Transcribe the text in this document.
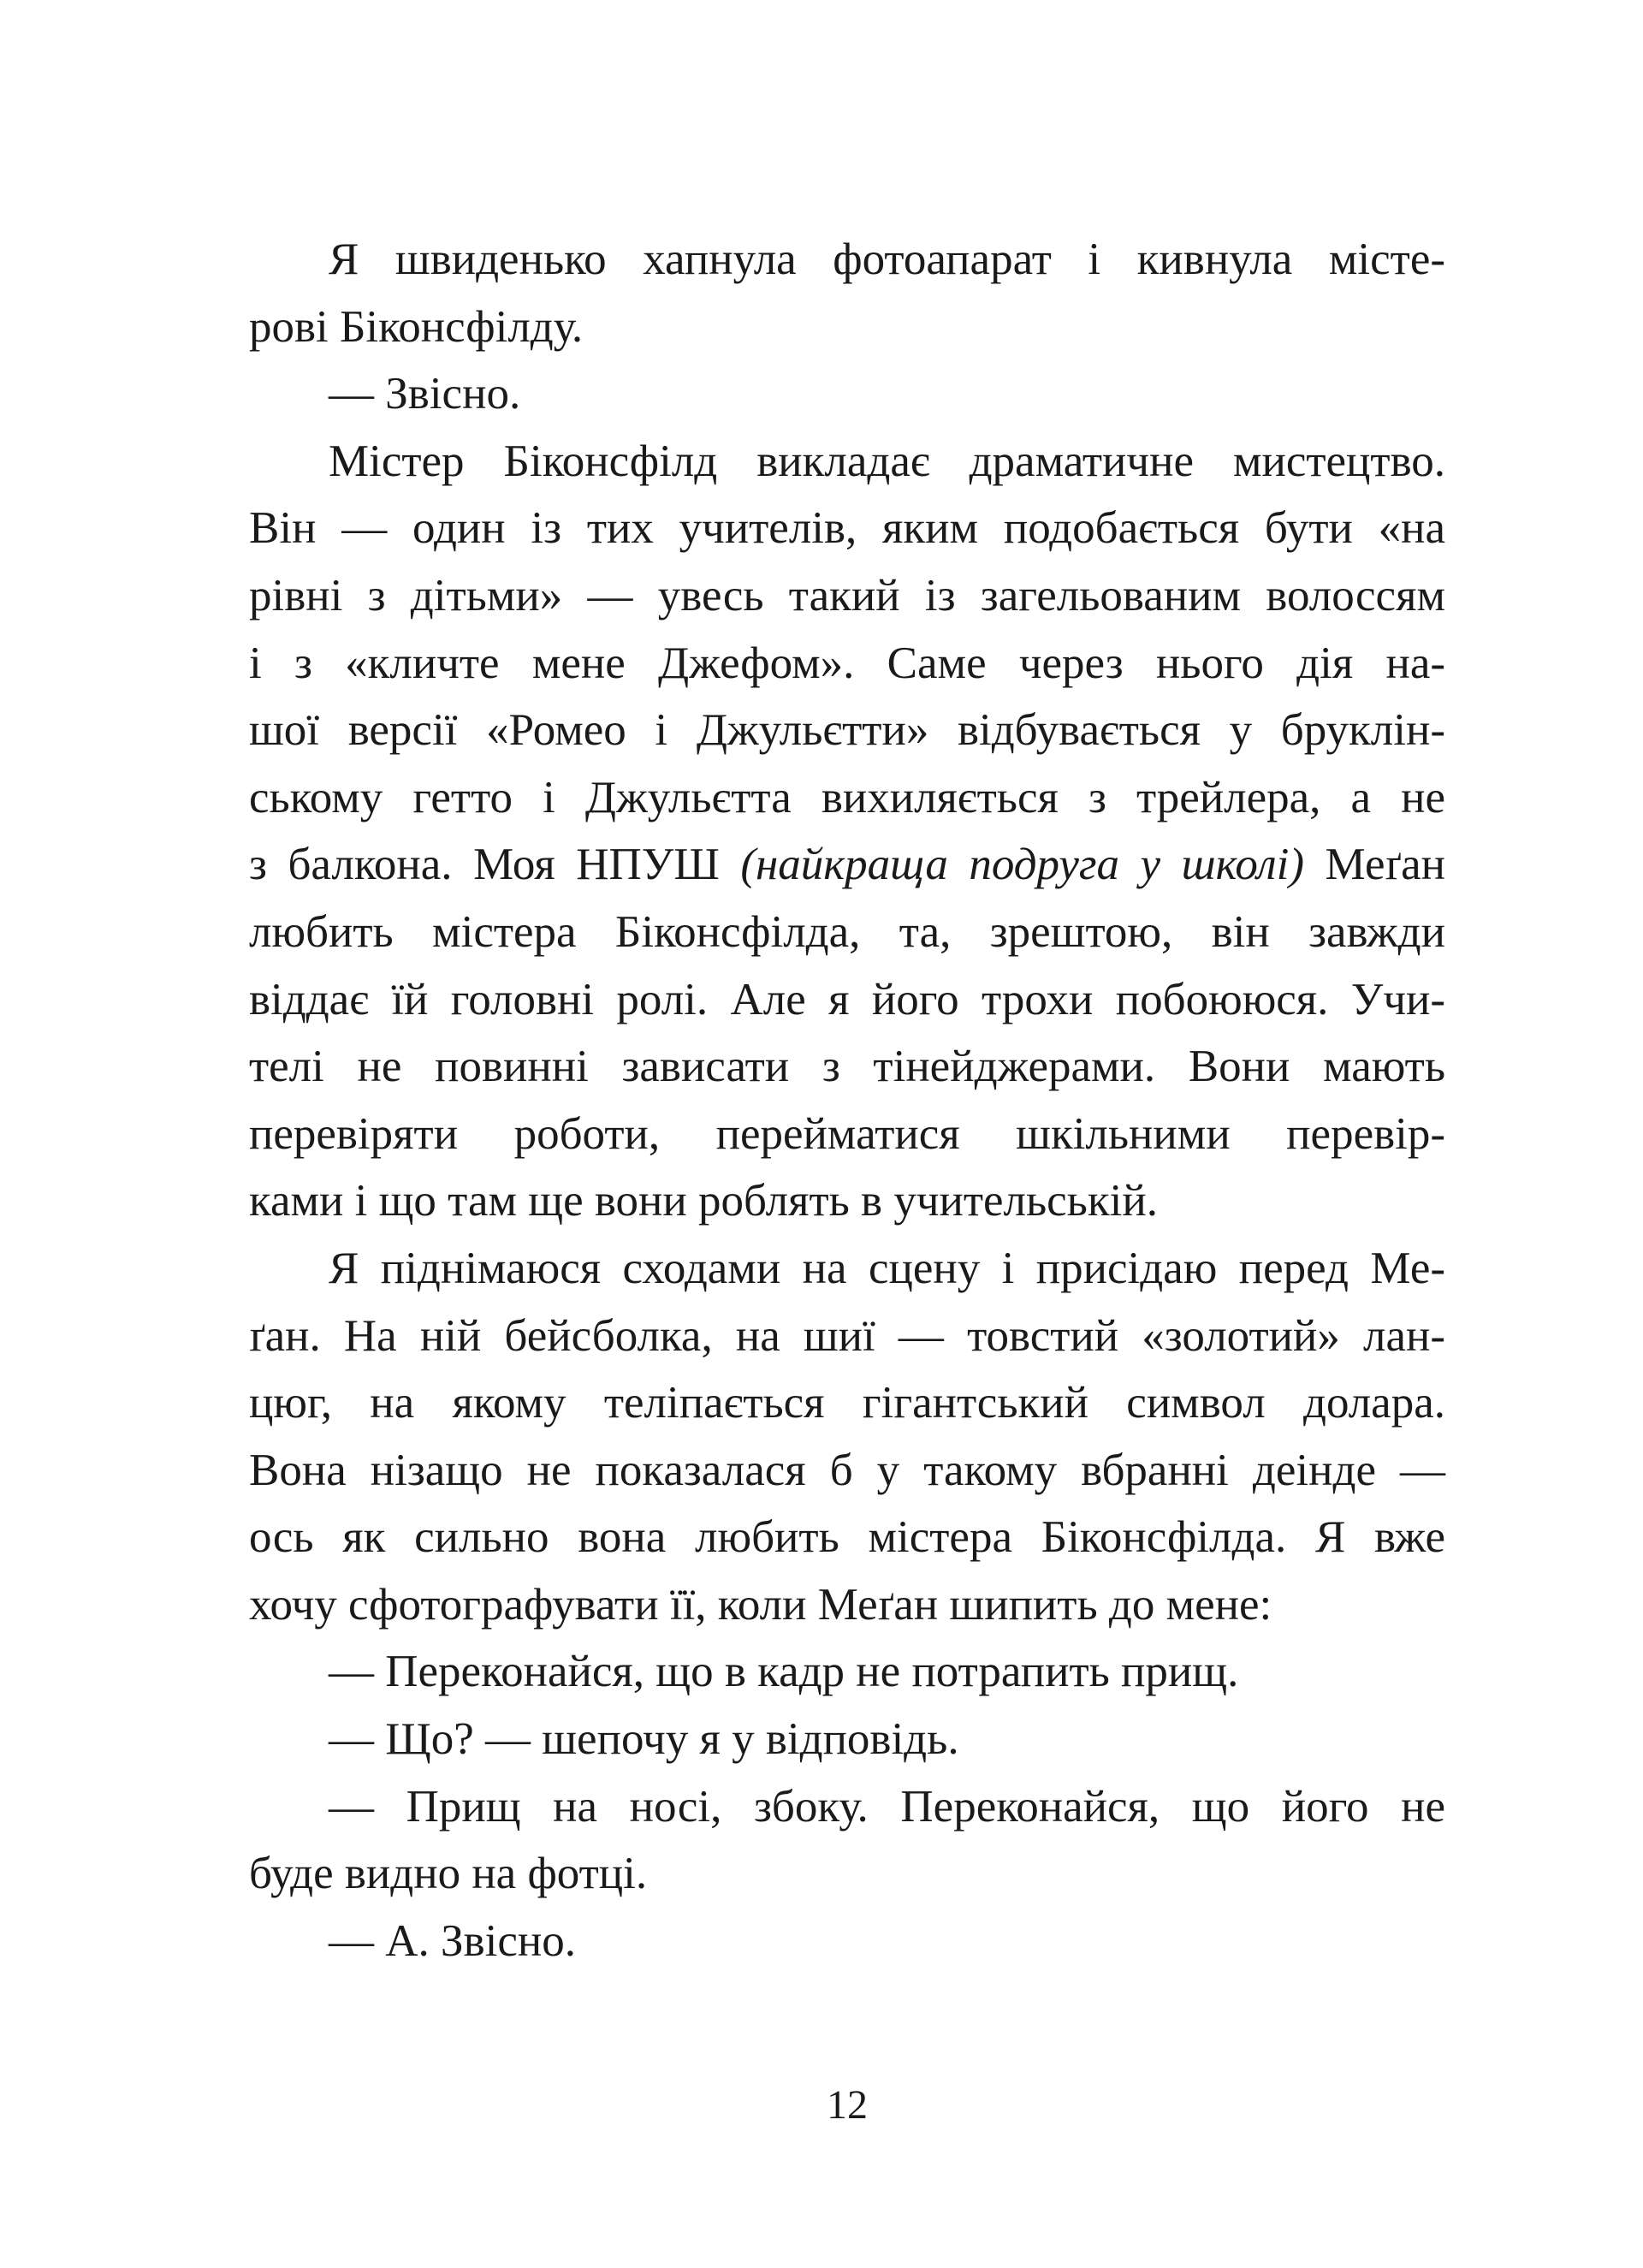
Я швиденько хапнула фотоапарат і кивнула місте-
рові Біконсфілду.
— Звісно.
Містер Біконсфілд викладає драматичне мистецтво.
Він — один із тих учителів, яким подобається бути «на
рівні з дітьми» — увесь такий із загельованим волоссям
і з «кличте мене Джефом». Саме через нього дія на-
шої версії «Ромео і Джульєтти» відбувається у бруклін-
ському гетто і Джульєтта вихиляється з трейлера, а не
з балкона. Моя НПУШ (найкраща подруга у школі) Меґан
любить містера Біконсфілда, та, зрештою, він завжди
віддає їй головні ролі. Але я його трохи побоююся. Учи-
телі не повинні зависати з тінейджерами. Вони мають
перевіряти роботи, перейматися шкільними перевір-
ками і що там ще вони роблять в учительській.
Я піднімаюся сходами на сцену і присідаю перед Ме-
ґан. На ній бейсболка, на шиї — товстий «золотий» лан-
цюг, на якому теліпається гігантський символ долара.
Вона нізащо не показалася б у такому вбранні деінде —
ось як сильно вона любить містера Біконсфілда. Я вже
хочу сфотографувати її, коли Меґан шипить до мене:
— Переконайся, що в кадр не потрапить прищ.
— Що? — шепочу я у відповідь.
— Прищ на носі, збоку. Переконайся, що його не
буде видно на фотці.
— А. Звісно.
12
